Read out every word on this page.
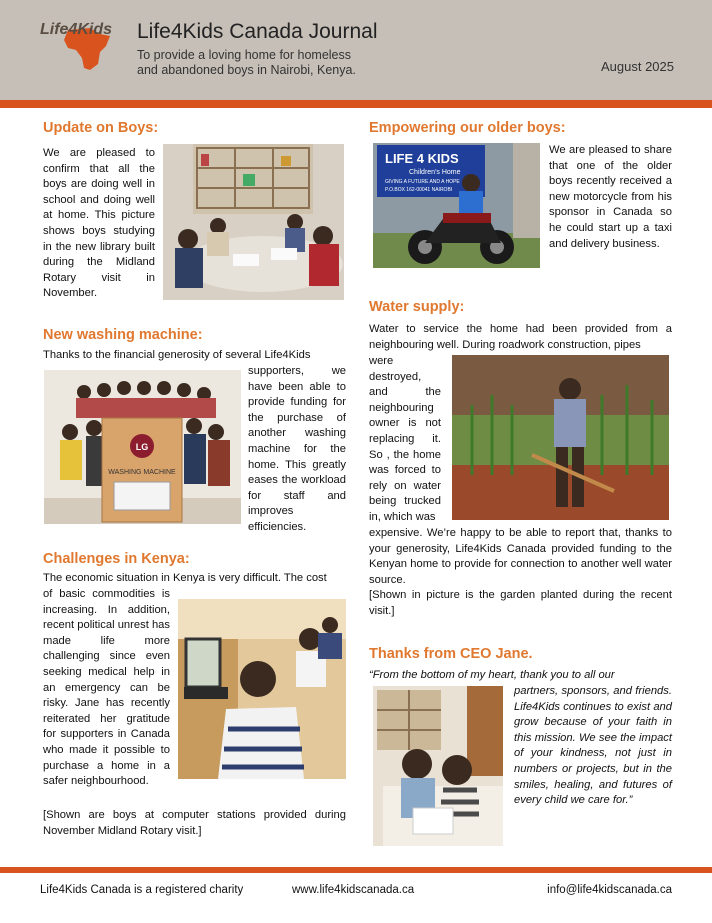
Life4Kids Life4Kids Canada Journal
To provide a loving home for homeless
and abandoned boys in Nairobi, Kenya.	August 2025
Update on Boys:

We are pleased to confirm that all the boys are doing well in school and doing well at home. This picture shows boys studying in the new library built during the Midland Rotary visit in November.

New washing machine:

Thanks to the financial generosity of several Life4Kids

supporters, we have been able to provide funding for the purchase of another washing machine for the home. This greatly eases the workload for staff and improves efficiencies.

LG
WASHING MACHINE
Challenges in Kenya:

The economic situation in Kenya is very difficult. The cost

of basic commodities is increasing. In addition, recent political unrest has made life more challenging since even seeking medical help in an emergency can be risky. Jane has recently reiterated her gratitude for supporters in Canada who made it possible to purchase a home in a safer neighbourhood.

[Shown are boys at computer stations provided during November Midland Rotary visit.]

Empowering our older boys:

We are pleased to share that one of the older boys recently received a new motorcycle from his sponsor in Canada so he could start up a taxi and delivery business.

LIFE 4 KIDS
Children's Home
GIVING A FUTURE AND A HOPE
P.O.BOX 162-00041 NAIROBI
Water supply:

Water to service the home had been provided from a neighbouring well. During roadwork construction, pipes

were destroyed, and the neighbouring owner is not replacing it. So , the home was forced to rely on water being trucked in, which was

expensive. We’re happy to be able to report that, thanks to your generosity, Life4Kids Canada provided funding to the Kenyan home to provide for connection to another well water source.

[Shown in picture is the garden planted during the recent visit.]

Thanks from CEO Jane.

“From the bottom of my heart, thank you to all our

partners, sponsors, and friends. Life4Kids continues to exist and grow because of your faith in this mission. We see the impact of your kindness, not just in numbers or projects, but in the smiles, healing, and futures of every child we care for.”

Life4Kids Canada is a registered charity	www.life4kidscanada.ca	info@life4kidscanada.ca
